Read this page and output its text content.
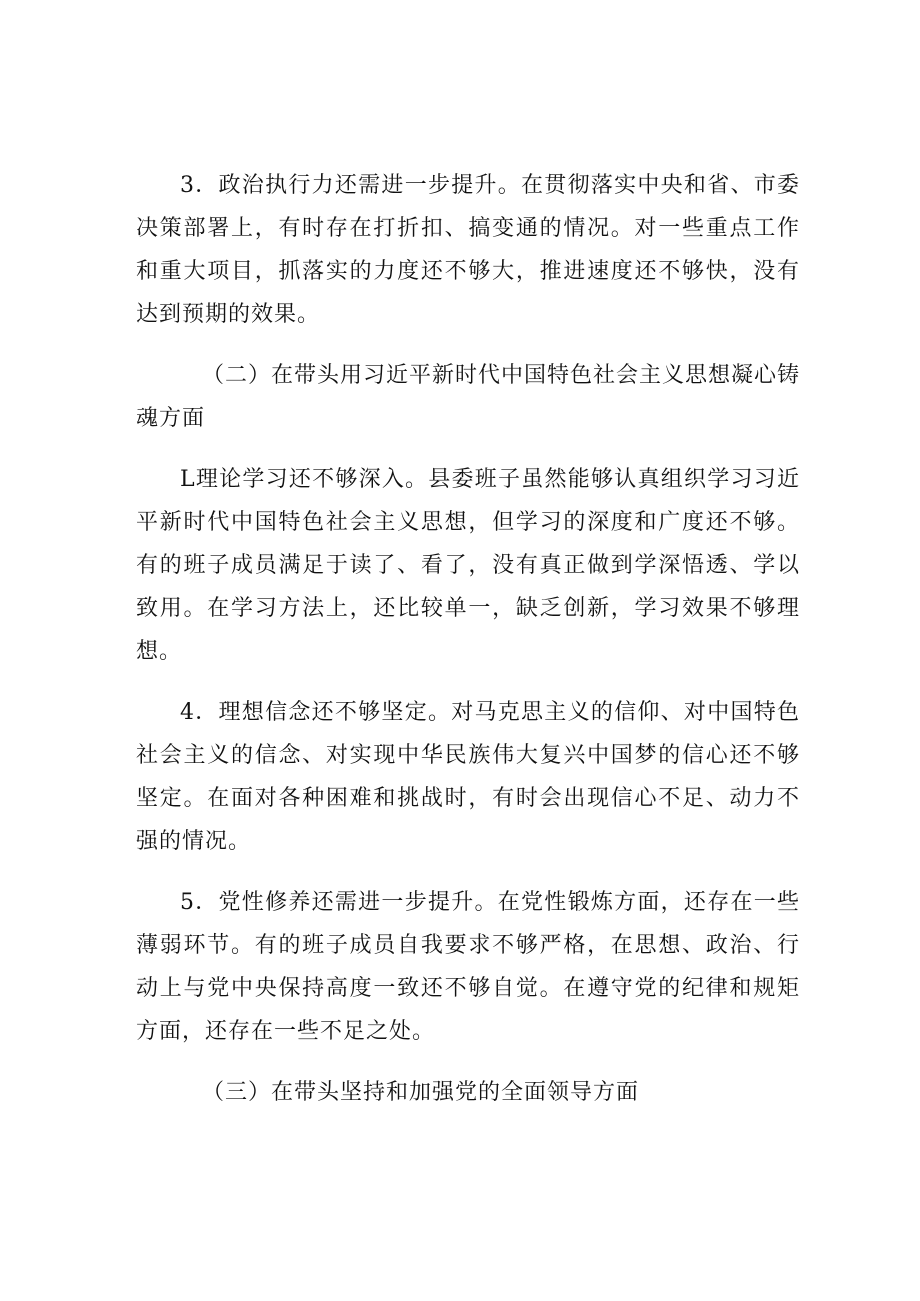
3．政治执行力还需进一步提升。在贯彻落实中央和省、市委决策部署上，有时存在打折扣、搞变通的情况。对一些重点工作和重大项目，抓落实的力度还不够大，推进速度还不够快，没有达到预期的效果。

（二）在带头用习近平新时代中国特色社会主义思想凝心铸魂方面

L理论学习还不够深入。县委班子虽然能够认真组织学习习近平新时代中国特色社会主义思想，但学习的深度和广度还不够。有的班子成员满足于读了、看了，没有真正做到学深悟透、学以致用。在学习方法上，还比较单一，缺乏创新，学习效果不够理想。

4．理想信念还不够坚定。对马克思主义的信仰、对中国特色社会主义的信念、对实现中华民族伟大复兴中国梦的信心还不够坚定。在面对各种困难和挑战时，有时会出现信心不足、动力不强的情况。

5．党性修养还需进一步提升。在党性锻炼方面，还存在一些薄弱环节。有的班子成员自我要求不够严格，在思想、政治、行动上与党中央保持高度一致还不够自觉。在遵守党的纪律和规矩方面，还存在一些不足之处。

（三）在带头坚持和加强党的全面领导方面
